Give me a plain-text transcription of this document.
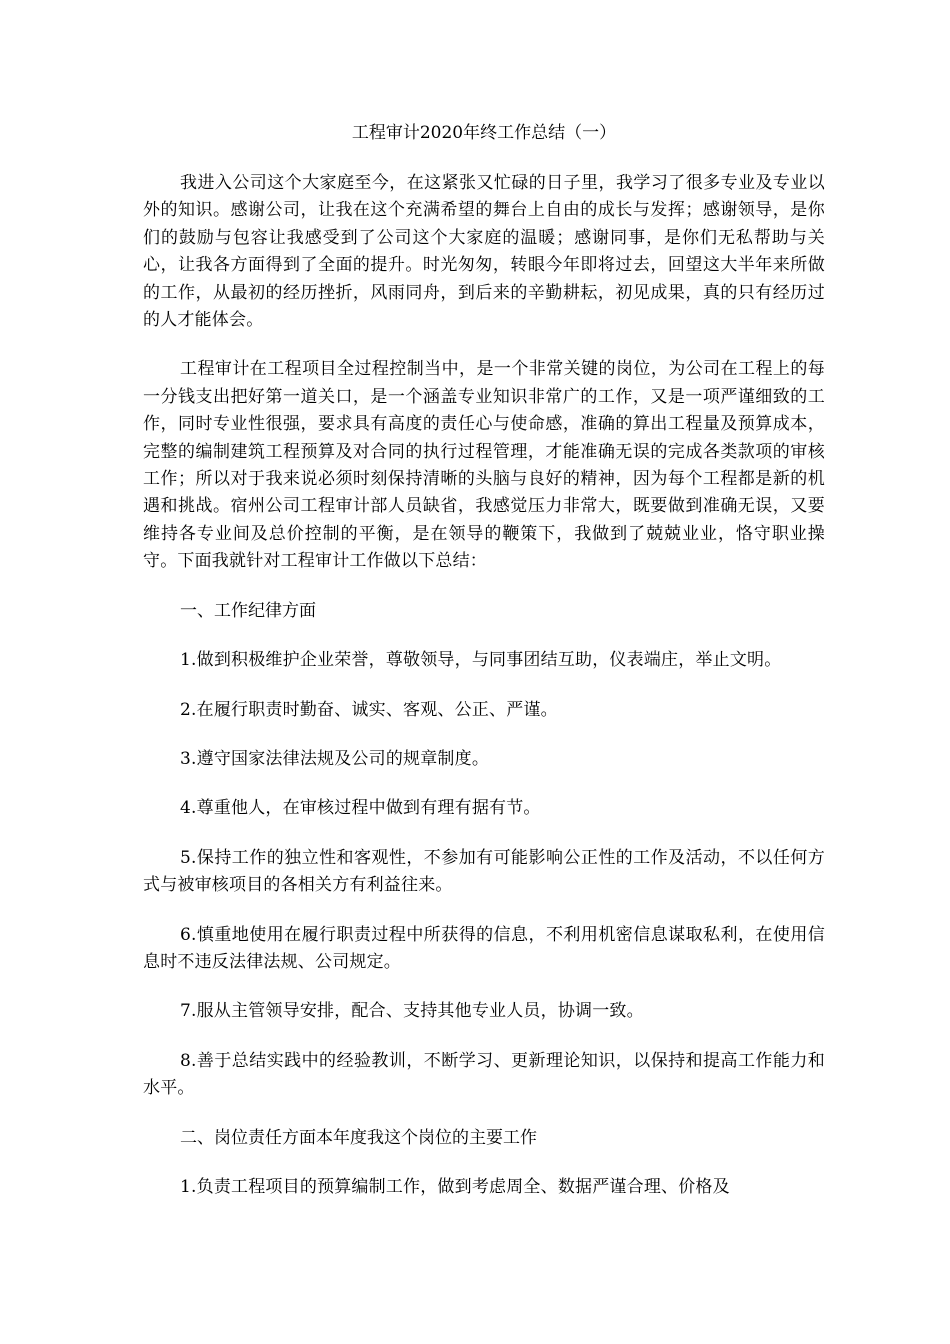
工程审计2020年终工作总结（一）

我进入公司这个大家庭至今，在这紧张又忙碌的日子里，我学习了很多专业及专业以外的知识。感谢公司，让我在这个充满希望的舞台上自由的成长与发挥；感谢领导，是你们的鼓励与包容让我感受到了公司这个大家庭的温暖；感谢同事，是你们无私帮助与关心，让我各方面得到了全面的提升。时光匆匆，转眼今年即将过去，回望这大半年来所做的工作，从最初的经历挫折，风雨同舟，到后来的辛勤耕耘，初见成果，真的只有经历过的人才能体会。

工程审计在工程项目全过程控制当中，是一个非常关键的岗位，为公司在工程上的每一分钱支出把好第一道关口，是一个涵盖专业知识非常广的工作，又是一项严谨细致的工作，同时专业性很强，要求具有高度的责任心与使命感，准确的算出工程量及预算成本，完整的编制建筑工程预算及对合同的执行过程管理，才能准确无误的完成各类款项的审核工作；所以对于我来说必须时刻保持清晰的头脑与良好的精神，因为每个工程都是新的机遇和挑战。宿州公司工程审计部人员缺省，我感觉压力非常大，既要做到准确无误，又要维持各专业间及总价控制的平衡，是在领导的鞭策下，我做到了兢兢业业，恪守职业操守。下面我就针对工程审计工作做以下总结：

一、工作纪律方面

1.做到积极维护企业荣誉，尊敬领导，与同事团结互助，仪表端庄，举止文明。

2.在履行职责时勤奋、诚实、客观、公正、严谨。

3.遵守国家法律法规及公司的规章制度。

4.尊重他人，在审核过程中做到有理有据有节。

5.保持工作的独立性和客观性，不参加有可能影响公正性的工作及活动，不以任何方式与被审核项目的各相关方有利益往来。

6.慎重地使用在履行职责过程中所获得的信息，不利用机密信息谋取私利，在使用信息时不违反法律法规、公司规定。

7.服从主管领导安排，配合、支持其他专业人员，协调一致。

8.善于总结实践中的经验教训，不断学习、更新理论知识，以保持和提高工作能力和水平。

二、岗位责任方面本年度我这个岗位的主要工作

1.负责工程项目的预算编制工作，做到考虑周全、数据严谨合理、价格及
